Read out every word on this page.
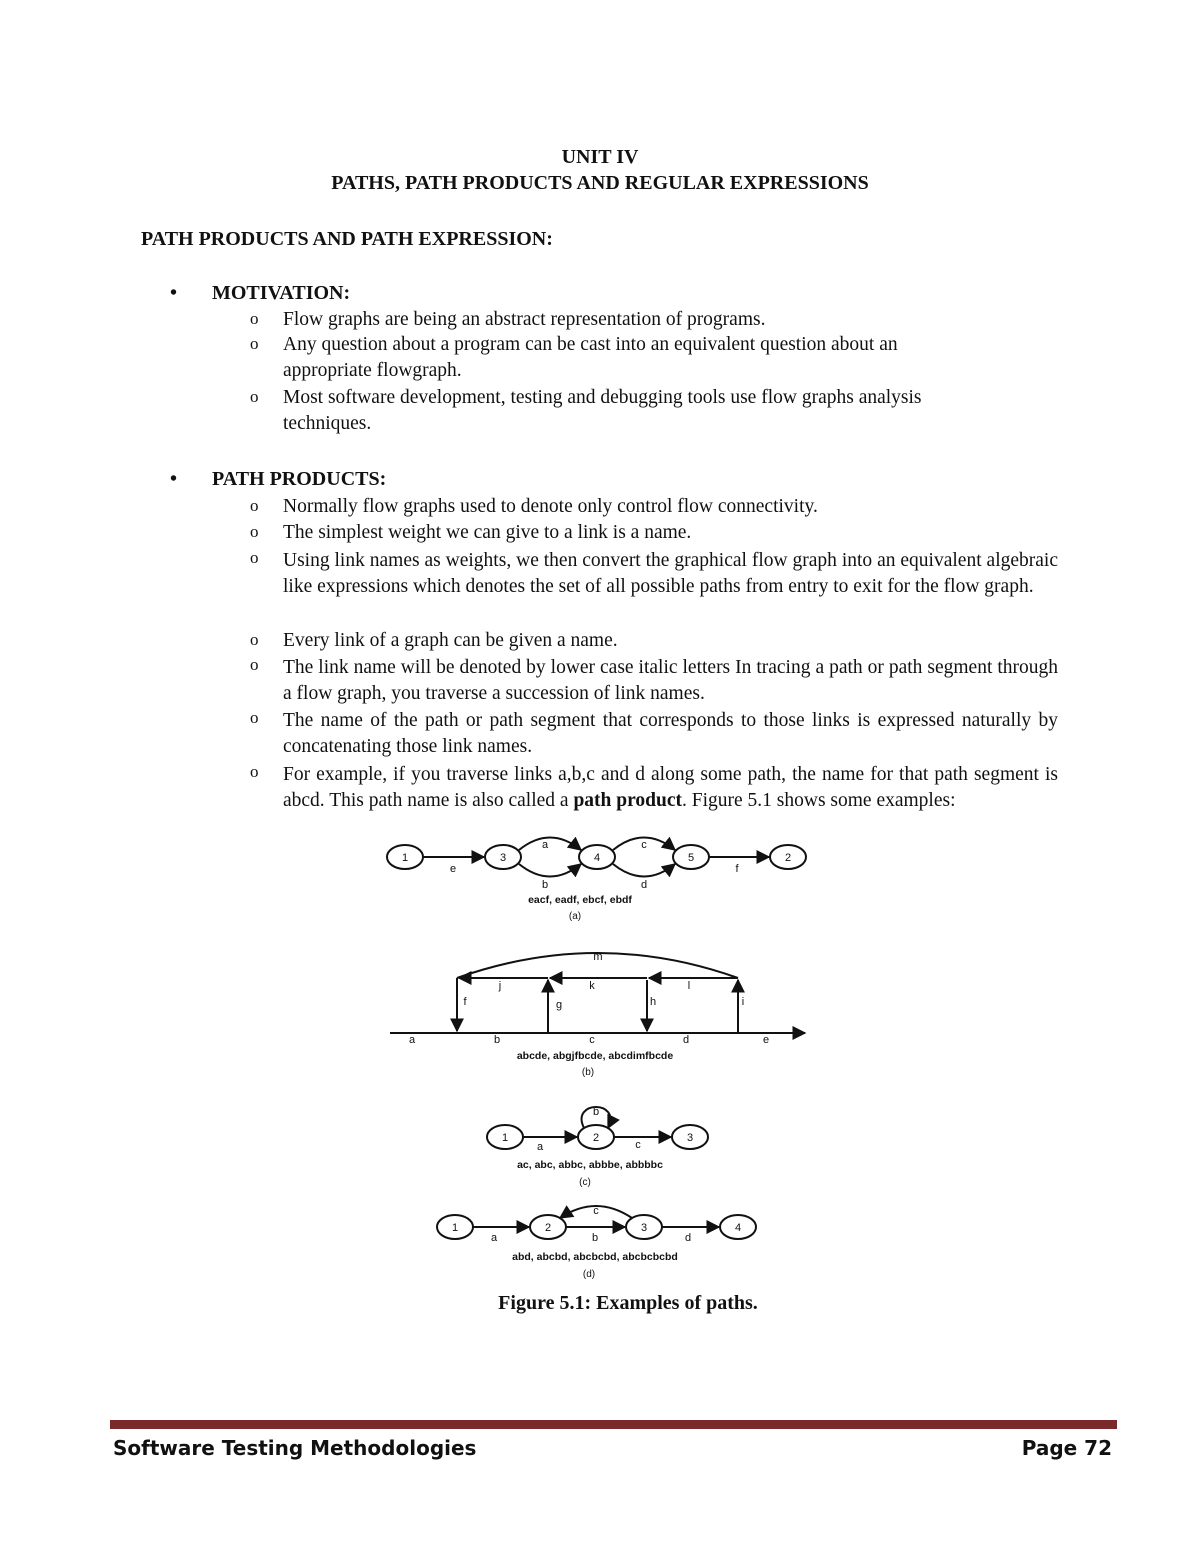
UNIT IV
PATHS, PATH PRODUCTS AND REGULAR EXPRESSIONS
PATH PRODUCTS AND PATH EXPRESSION:
• MOTIVATION:
o Flow graphs are being an abstract representation of programs.
o Any question about a program can be cast into an equivalent question about an
appropriate flowgraph.
o Most software development, testing and debugging tools use flow graphs analysis
techniques.
• PATH PRODUCTS:
o Normally flow graphs used to denote only control flow connectivity.
o The simplest weight we can give to a link is a name.
o Using link names as weights, we then convert the graphical flow graph into an equivalent algebraic like expressions which denotes the set of all possible paths from entry to exit for the flow graph.
o Every link of a graph can be given a name.
o The link name will be denoted by lower case italic letters In tracing a path or path segment through a flow graph, you traverse a succession of link names.
o The name of the path or path segment that corresponds to those links is expressed naturally by concatenating those link names.
o For example, if you traverse links a,b,c and d along some path, the name for that path segment is abcd. This path name is also called a path product. Figure 5.1 shows some examples:
1	3	4	5	2
e
a
b
c
d
f
eacf, eadf, ebcf, ebdf
(a)
m
j	k	l
f	g	h	i
a	b	c	d	e
abcde, abgjfbcde, abcdimfbcde
(b)
1	2	3
b
a	c
ac, abc, abbc, abbbe, abbbbc
(c)
1	2	3	4
c
a	b	d
abd, abcbd, abcbcbd, abcbcbcbd
(d)
Figure 5.1: Examples of paths.
Software Testing Methodologies	Page 72
